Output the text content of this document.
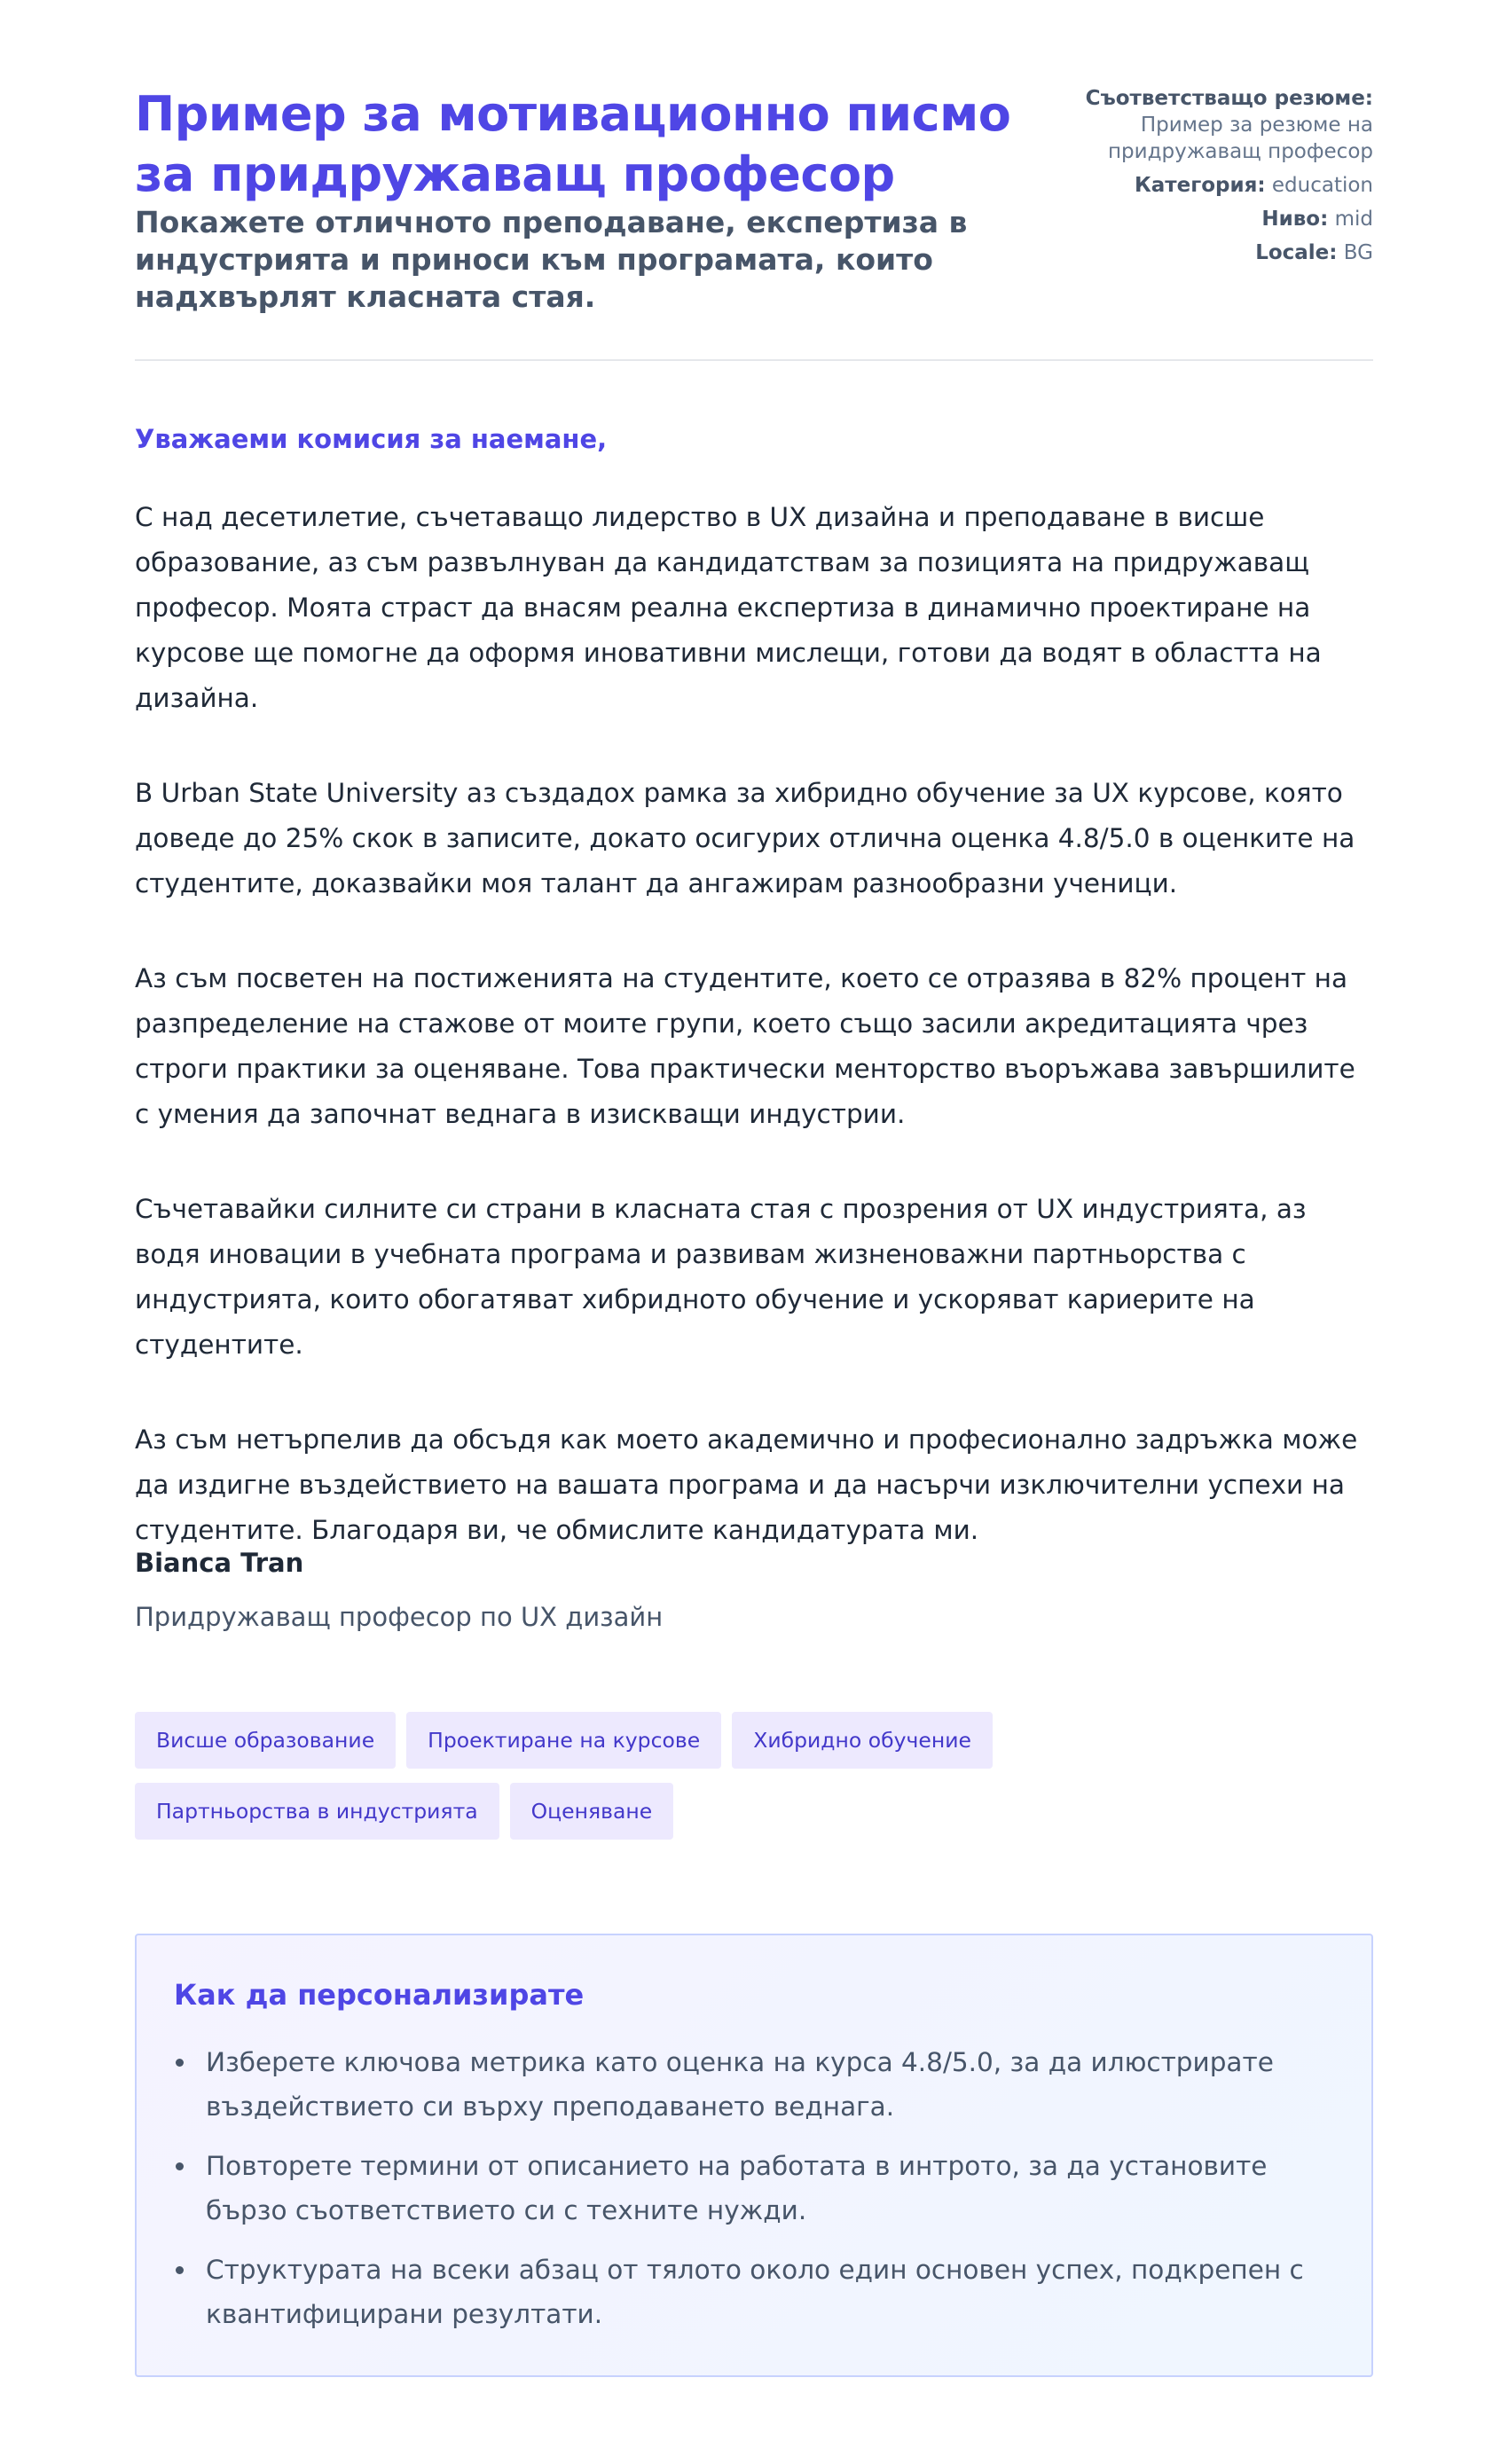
Пример за мотивационно писмо за придружаващ професор

Покажете отличното преподаване, експертиза в индустрията и приноси към програмата, които надхвърлят класната стая.

Съответстващо резюме:
Пример за резюме на придружаващ професор
Категория: education
Ниво: mid
Locale: BG

Уважаеми комисия за наемане,

С над десетилетие, съчетаващо лидерство в UX дизайна и преподаване в висше образование, аз съм развълнуван да кандидатствам за позицията на придружаващ професор. Моята страст да внасям реална експертиза в динамично проектиране на курсове ще помогне да оформя иновативни мислещи, готови да водят в областта на дизайна.

В Urban State University аз създадох рамка за хибридно обучение за UX курсове, която доведе до 25% скок в записите, докато осигурих отлична оценка 4.8/5.0 в оценките на студентите, доказвайки моя талант да ангажирам разнообразни ученици.

Аз съм посветен на постиженията на студентите, което се отразява в 82% процент на разпределение на стажове от моите групи, което също засили акредитацията чрез строги практики за оценяване. Това практически менторство въоръжава завършилите с умения да започнат веднага в изискващи индустрии.

Съчетавайки силните си страни в класната стая с прозрения от UX индустрията, аз водя иновации в учебната програма и развивам жизненоважни партньорства с индустрията, които обогатяват хибридното обучение и ускоряват кариерите на студентите.

Аз съм нетърпелив да обсъдя как моето академично и професионално задръжка може да издигне въздействието на вашата програма и да насърчи изключителни успехи на студентите. Благодаря ви, че обмислите кандидатурата ми.

Bianca Tran

Придружаващ професор по UX дизайн

Висше образование	Проектиране на курсове	Хибридно обучениеПартньорства в индустрията	Оценяване
Как да персонализирате
Изберете ключова метрика като оценка на курса 4.8/5.0, за да илюстрирате въздействието си върху преподаването веднага.
Повторете термини от описанието на работата в интрото, за да установите бързо съответствието си с техните нужди.
Структурата на всеки абзац от тялото около един основен успех, подкрепен с квантифицирани резултати.
